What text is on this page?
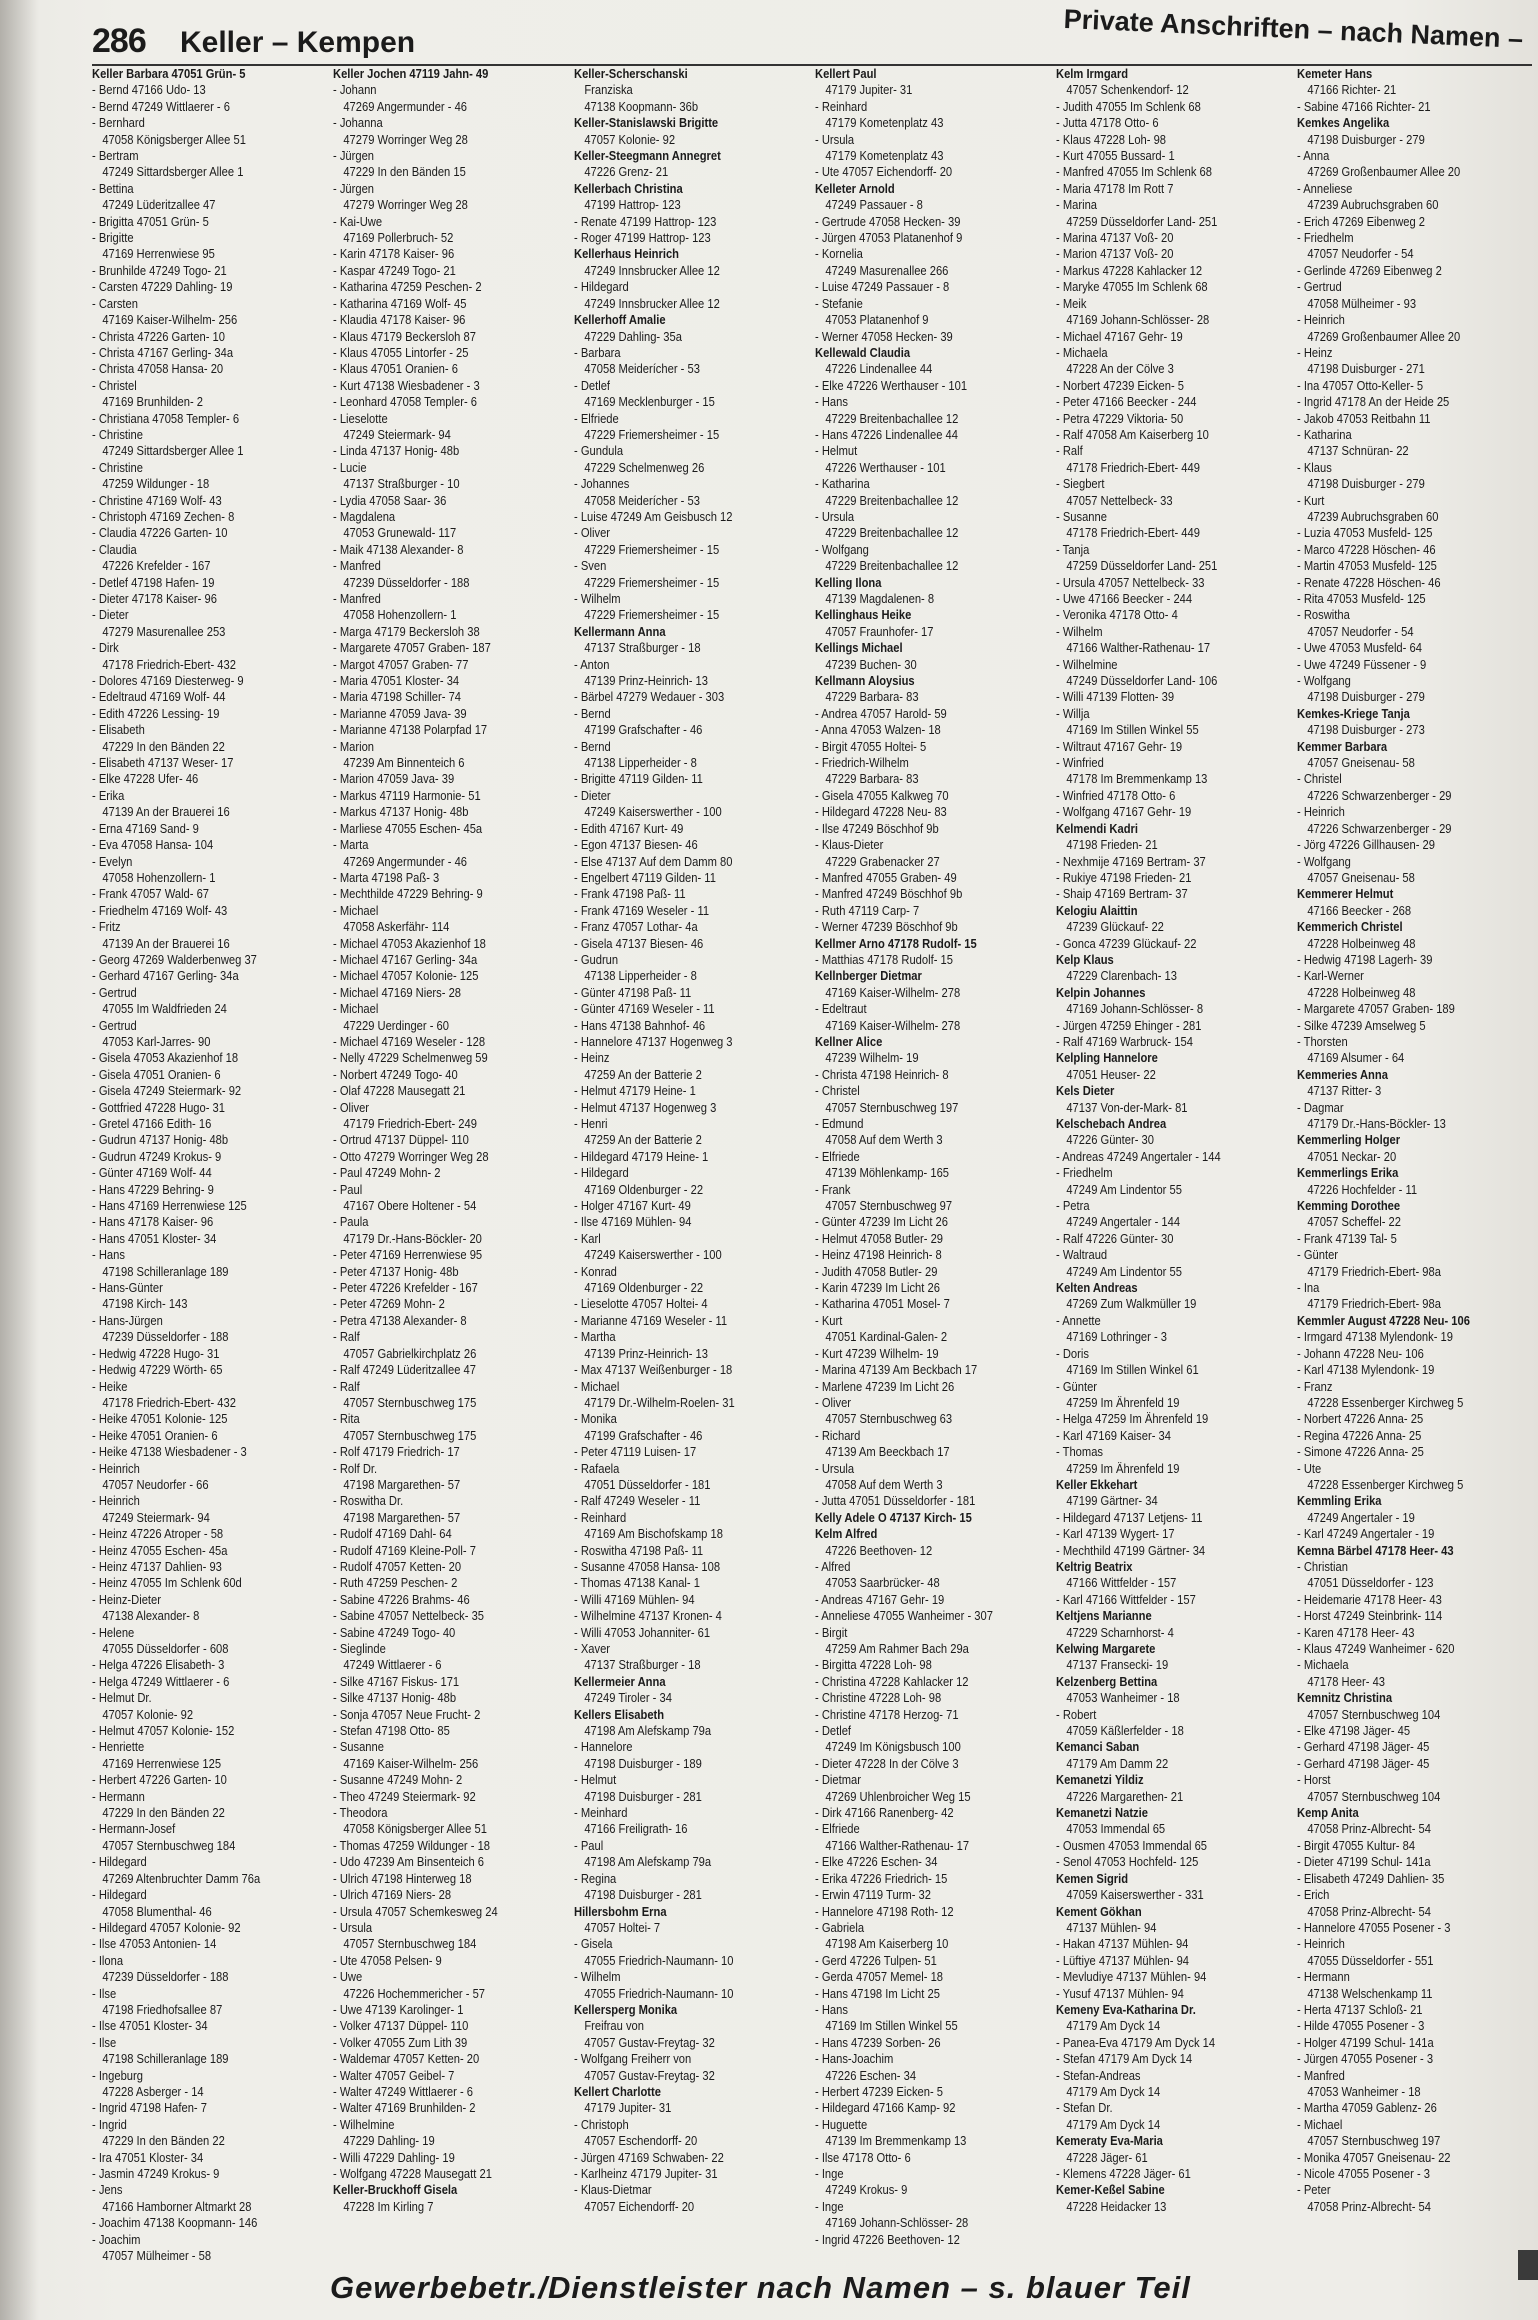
286 Keller – Kempen	Private Anschriften – nach Namen –
Keller Barbara 47051 Grün- 5
- Bernd 47166 Udo- 13
- Bernd 47249 Wittlaerer - 6
- Bernhard
47058 Königsberger Allee 51
- Bertram
47249 Sittardsberger Allee 1
- Bettina
47249 Lüderitzallee 47
- Brigitta 47051 Grün- 5
- Brigitte
47169 Herrenwiese 95
- Brunhilde 47249 Togo- 21
- Carsten 47229 Dahling- 19
- Carsten
47169 Kaiser-Wilhelm- 256
- Christa 47226 Garten- 10
- Christa 47167 Gerling- 34a
- Christa 47058 Hansa- 20
- Christel
47169 Brunhilden- 2
- Christiana 47058 Templer- 6
- Christine
47249 Sittardsberger Allee 1
- Christine
47259 Wildunger - 18
- Christine 47169 Wolf- 43
- Christoph 47169 Zechen- 8
- Claudia 47226 Garten- 10
- Claudia
47226 Krefelder - 167
- Detlef 47198 Hafen- 19
- Dieter 47178 Kaiser- 96
- Dieter
47279 Masurenallee 253
- Dirk
47178 Friedrich-Ebert- 432
- Dolores 47169 Diesterweg- 9
- Edeltraud 47169 Wolf- 44
- Edith 47226 Lessing- 19
- Elisabeth
47229 In den Bänden 22
- Elisabeth 47137 Weser- 17
- Elke 47228 Ufer- 46
- Erika
47139 An der Brauerei 16
- Erna 47169 Sand- 9
- Eva 47058 Hansa- 104
- Evelyn
47058 Hohenzollern- 1
- Frank 47057 Wald- 67
- Friedhelm 47169 Wolf- 43
- Fritz
47139 An der Brauerei 16
- Georg 47269 Walderbenweg 37
- Gerhard 47167 Gerling- 34a
- Gertrud
47055 Im Waldfrieden 24
- Gertrud
47053 Karl-Jarres- 90
- Gisela 47053 Akazienhof 18
- Gisela 47051 Oranien- 6
- Gisela 47249 Steiermark- 92
- Gottfried 47228 Hugo- 31
- Gretel 47166 Edith- 16
- Gudrun 47137 Honig- 48b
- Gudrun 47249 Krokus- 9
- Günter 47169 Wolf- 44
- Hans 47229 Behring- 9
- Hans 47169 Herrenwiese 125
- Hans 47178 Kaiser- 96
- Hans 47051 Kloster- 34
- Hans
47198 Schilleranlage 189
- Hans-Günter
47198 Kirch- 143
- Hans-Jürgen
47239 Düsseldorfer - 188
- Hedwig 47228 Hugo- 31
- Hedwig 47229 Wörth- 65
- Heike
47178 Friedrich-Ebert- 432
- Heike 47051 Kolonie- 125
- Heike 47051 Oranien- 6
- Heike 47138 Wiesbadener - 3
- Heinrich
47057 Neudorfer - 66
- Heinrich
47249 Steiermark- 94
- Heinz 47226 Atroper - 58
- Heinz 47055 Eschen- 45a
- Heinz 47137 Dahlien- 93
- Heinz 47055 Im Schlenk 60d
- Heinz-Dieter
47138 Alexander- 8
- Helene
47055 Düsseldorfer - 608
- Helga 47226 Elisabeth- 3
- Helga 47249 Wittlaerer - 6
- Helmut Dr.
47057 Kolonie- 92
- Helmut 47057 Kolonie- 152
- Henriette
47169 Herrenwiese 125
- Herbert 47226 Garten- 10
- Hermann
47229 In den Bänden 22
- Hermann-Josef
47057 Sternbuschweg 184
- Hildegard
47269 Altenbruchter Damm 76a
- Hildegard
47058 Blumenthal- 46
- Hildegard 47057 Kolonie- 92
- Ilse 47053 Antonien- 14
- Ilona
47239 Düsseldorfer - 188
- Ilse
47198 Friedhofsallee 87
- Ilse 47051 Kloster- 34
- Ilse
47198 Schilleranlage 189
- Ingeburg
47228 Asberger - 14
- Ingrid 47198 Hafen- 7
- Ingrid
47229 In den Bänden 22
- Ira 47051 Kloster- 34
- Jasmin 47249 Krokus- 9
- Jens
47166 Hamborner Altmarkt 28
- Joachim 47138 Koopmann- 146
- Joachim
47057 Mülheimer - 58
Keller Jochen 47119 Jahn- 49
- Johann
47269 Angermunder - 46
- Johanna
47279 Worringer Weg 28
- Jürgen
47229 In den Bänden 15
- Jürgen
47279 Worringer Weg 28
- Kai-Uwe
47169 Pollerbruch- 52
- Karin 47178 Kaiser- 96
- Kaspar 47249 Togo- 21
- Katharina 47259 Peschen- 2
- Katharina 47169 Wolf- 45
- Klaudia 47178 Kaiser- 96
- Klaus 47179 Beckersloh 87
- Klaus 47055 Lintorfer - 25
- Klaus 47051 Oranien- 6
- Kurt 47138 Wiesbadener - 3
- Leonhard 47058 Templer- 6
- Lieselotte
47249 Steiermark- 94
- Linda 47137 Honig- 48b
- Lucie
47137 Straßburger - 10
- Lydia 47058 Saar- 36
- Magdalena
47053 Grunewald- 117
- Maik 47138 Alexander- 8
- Manfred
47239 Düsseldorfer - 188
- Manfred
47058 Hohenzollern- 1
- Marga 47179 Beckersloh 38
- Margarete 47057 Graben- 187
- Margot 47057 Graben- 77
- Maria 47051 Kloster- 34
- Maria 47198 Schiller- 74
- Marianne 47059 Java- 39
- Marianne 47138 Polarpfad 17
- Marion
47239 Am Binnenteich 6
- Marion 47059 Java- 39
- Markus 47119 Harmonie- 51
- Markus 47137 Honig- 48b
- Marliese 47055 Eschen- 45a
- Marta
47269 Angermunder - 46
- Marta 47198 Paß- 3
- Mechthilde 47229 Behring- 9
- Michael
47058 Askerfähr- 114
- Michael 47053 Akazienhof 18
- Michael 47167 Gerling- 34a
- Michael 47057 Kolonie- 125
- Michael 47169 Niers- 28
- Michael
47229 Uerdinger - 60
- Michael 47169 Weseler - 128
- Nelly 47229 Schelmenweg 59
- Norbert 47249 Togo- 40
- Olaf 47228 Mausegatt 21
- Oliver
47179 Friedrich-Ebert- 249
- Ortrud 47137 Düppel- 110
- Otto 47279 Worringer Weg 28
- Paul 47249 Mohn- 2
- Paul
47167 Obere Holtener - 54
- Paula
47179 Dr.-Hans-Böckler- 20
- Peter 47169 Herrenwiese 95
- Peter 47137 Honig- 48b
- Peter 47226 Krefelder - 167
- Peter 47269 Mohn- 2
- Petra 47138 Alexander- 8
- Ralf
47057 Gabrielkirchplatz 26
- Ralf 47249 Lüderitzallee 47
- Ralf
47057 Sternbuschweg 175
- Rita
47057 Sternbuschweg 175
- Rolf 47179 Friedrich- 17
- Rolf Dr.
47198 Margarethen- 57
- Roswitha Dr.
47198 Margarethen- 57
- Rudolf 47169 Dahl- 64
- Rudolf 47169 Kleine-Poll- 7
- Rudolf 47057 Ketten- 20
- Ruth 47259 Peschen- 2
- Sabine 47226 Brahms- 46
- Sabine 47057 Nettelbeck- 35
- Sabine 47249 Togo- 40
- Sieglinde
47249 Wittlaerer - 6
- Silke 47167 Fiskus- 171
- Silke 47137 Honig- 48b
- Sonja 47057 Neue Frucht- 2
- Stefan 47198 Otto- 85
- Susanne
47169 Kaiser-Wilhelm- 256
- Susanne 47249 Mohn- 2
- Theo 47249 Steiermark- 92
- Theodora
47058 Königsberger Allee 51
- Thomas 47259 Wildunger - 18
- Udo 47239 Am Binsenteich 6
- Ulrich 47198 Hinterweg 18
- Ulrich 47169 Niers- 28
- Ursula 47057 Schemkesweg 24
- Ursula
47057 Sternbuschweg 184
- Ute 47058 Pelsen- 9
- Uwe
47226 Hochemmericher - 57
- Uwe 47139 Karolinger- 1
- Volker 47137 Düppel- 110
- Volker 47055 Zum Lith 39
- Waldemar 47057 Ketten- 20
- Walter 47057 Geibel- 7
- Walter 47249 Wittlaerer - 6
- Walter 47169 Brunhilden- 2
- Wilhelmine
47229 Dahling- 19
- Willi 47229 Dahling- 19
- Wolfgang 47228 Mausegatt 21
Keller-Bruckhoff Gisela
47228 Im Kirling 7
Keller-Scherschanski
Franziska
47138 Koopmann- 36b
Keller-Stanislawski Brigitte
47057 Kolonie- 92
Keller-Steegmann Annegret
47226 Grenz- 21
Kellerbach Christina
47199 Hattrop- 123
- Renate 47199 Hattrop- 123
- Roger 47199 Hattrop- 123
Kellerhaus Heinrich
47249 Innsbrucker Allee 12
- Hildegard
47249 Innsbrucker Allee 12
Kellerhoff Amalie
47229 Dahling- 35a
- Barbara
47058 Meiderícher - 53
- Detlef
47169 Mecklenburger - 15
- Elfriede
47229 Friemersheimer - 15
- Gundula
47229 Schelmenweg 26
- Johannes
47058 Meiderícher - 53
- Luise 47249 Am Geisbusch 12
- Oliver
47229 Friemersheimer - 15
- Sven
47229 Friemersheimer - 15
- Wilhelm
47229 Friemersheimer - 15
Kellermann Anna
47137 Straßburger - 18
- Anton
47139 Prinz-Heinrich- 13
- Bärbel 47279 Wedauer - 303
- Bernd
47199 Grafschafter - 46
- Bernd
47138 Lipperheider - 8
- Brigitte 47119 Gilden- 11
- Dieter
47249 Kaiserswerther - 100
- Edith 47167 Kurt- 49
- Egon 47137 Biesen- 46
- Else 47137 Auf dem Damm 80
- Engelbert 47119 Gilden- 11
- Frank 47198 Paß- 11
- Frank 47169 Weseler - 11
- Franz 47057 Lothar- 4a
- Gisela 47137 Biesen- 46
- Gudrun
47138 Lipperheider - 8
- Günter 47198 Paß- 11
- Günter 47169 Weseler - 11
- Hans 47138 Bahnhof- 46
- Hannelore 47137 Hogenweg 3
- Heinz
47259 An der Batterie 2
- Helmut 47179 Heine- 1
- Helmut 47137 Hogenweg 3
- Henri
47259 An der Batterie 2
- Hildegard 47179 Heine- 1
- Hildegard
47169 Oldenburger - 22
- Holger 47167 Kurt- 49
- Ilse 47169 Mühlen- 94
- Karl
47249 Kaiserswerther - 100
- Konrad
47169 Oldenburger - 22
- Lieselotte 47057 Holtei- 4
- Marianne 47169 Weseler - 11
- Martha
47139 Prinz-Heinrich- 13
- Max 47137 Weißenburger - 18
- Michael
47179 Dr.-Wilhelm-Roelen- 31
- Monika
47199 Grafschafter - 46
- Peter 47119 Luisen- 17
- Rafaela
47051 Düsseldorfer - 181
- Ralf 47249 Weseler - 11
- Reinhard
47169 Am Bischofskamp 18
- Roswitha 47198 Paß- 11
- Susanne 47058 Hansa- 108
- Thomas 47138 Kanal- 1
- Willi 47169 Mühlen- 94
- Wilhelmine 47137 Kronen- 4
- Willi 47053 Johanniter- 61
- Xaver
47137 Straßburger - 18
Kellermeier Anna
47249 Tiroler - 34
Kellers Elisabeth
47198 Am Alefskamp 79a
- Hannelore
47198 Duisburger - 189
- Helmut
47198 Duisburger - 281
- Meinhard
47166 Freiligrath- 16
- Paul
47198 Am Alefskamp 79a
- Regina
47198 Duisburger - 281
Hillersbohm Erna
47057 Holtei- 7
- Gisela
47055 Friedrich-Naumann- 10
- Wilhelm
47055 Friedrich-Naumann- 10
Kellersperg Monika
Freifrau von
47057 Gustav-Freytag- 32
- Wolfgang Freiherr von
47057 Gustav-Freytag- 32
Kellert Charlotte
47179 Jupiter- 31
- Christoph
47057 Eschendorff- 20
- Jürgen 47169 Schwaben- 22
- Karlheinz 47179 Jupiter- 31
- Klaus-Dietmar
47057 Eichendorff- 20
Kellert Paul
47179 Jupiter- 31
- Reinhard
47179 Kometenplatz 43
- Ursula
47179 Kometenplatz 43
- Ute 47057 Eichendorff- 20
Kelleter Arnold
47249 Passauer - 8
- Gertrude 47058 Hecken- 39
- Jürgen 47053 Platanenhof 9
- Kornelia
47249 Masurenallee 266
- Luise 47249 Passauer - 8
- Stefanie
47053 Platanenhof 9
- Werner 47058 Hecken- 39
Kellewald Claudia
47226 Lindenallee 44
- Elke 47226 Werthauser - 101
- Hans
47229 Breitenbachallee 12
- Hans 47226 Lindenallee 44
- Helmut
47226 Werthauser - 101
- Katharina
47229 Breitenbachallee 12
- Ursula
47229 Breitenbachallee 12
- Wolfgang
47229 Breitenbachallee 12
Kelling Ilona
47139 Magdalenen- 8
Kellinghaus Heike
47057 Fraunhofer- 17
Kellings Michael
47239 Buchen- 30
Kellmann Aloysius
47229 Barbara- 83
- Andrea 47057 Harold- 59
- Anna 47053 Walzen- 18
- Birgit 47055 Holtei- 5
- Friedrich-Wilhelm
47229 Barbara- 83
- Gisela 47055 Kalkweg 70
- Hildegard 47228 Neu- 83
- Ilse 47249 Böschhof 9b
- Klaus-Dieter
47229 Grabenacker 27
- Manfred 47055 Graben- 49
- Manfred 47249 Böschhof 9b
- Ruth 47119 Carp- 7
- Werner 47239 Böschhof 9b
Kellmer Arno 47178 Rudolf- 15
- Matthias 47178 Rudolf- 15
Kellnberger Dietmar
47169 Kaiser-Wilhelm- 278
- Edeltraut
47169 Kaiser-Wilhelm- 278
Kellner Alice
47239 Wilhelm- 19
- Christa 47198 Heinrich- 8
- Christel
47057 Sternbuschweg 197
- Edmund
47058 Auf dem Werth 3
- Elfriede
47139 Möhlenkamp- 165
- Frank
47057 Sternbuschweg 97
- Günter 47239 Im Licht 26
- Helmut 47058 Butler- 29
- Heinz 47198 Heinrich- 8
- Judith 47058 Butler- 29
- Karin 47239 Im Licht 26
- Katharina 47051 Mosel- 7
- Kurt
47051 Kardinal-Galen- 2
- Kurt 47239 Wilhelm- 19
- Marina 47139 Am Beckbach 17
- Marlene 47239 Im Licht 26
- Oliver
47057 Sternbuschweg 63
- Richard
47139 Am Beeckbach 17
- Ursula
47058 Auf dem Werth 3
- Jutta 47051 Düsseldorfer - 181
Kelly Adele O 47137 Kirch- 15
Kelm Alfred
47226 Beethoven- 12
- Alfred
47053 Saarbrücker- 48
- Andreas 47167 Gehr- 19
- Anneliese 47055 Wanheimer - 307
- Birgit
47259 Am Rahmer Bach 29a
- Birgitta 47228 Loh- 98
- Christina 47228 Kahlacker 12
- Christine 47228 Loh- 98
- Christine 47178 Herzog- 71
- Detlef
47249 Im Königsbusch 100
- Dieter 47228 In der Cölve 3
- Dietmar
47269 Uhlenbroicher Weg 15
- Dirk 47166 Ranenberg- 42
- Elfriede
47166 Walther-Rathenau- 17
- Elke 47226 Eschen- 34
- Erika 47226 Friedrich- 15
- Erwin 47119 Turm- 32
- Hannelore 47198 Roth- 12
- Gabriela
47198 Am Kaiserberg 10
- Gerd 47226 Tulpen- 51
- Gerda 47057 Memel- 18
- Hans 47198 Im Licht 25
- Hans
47169 Im Stillen Winkel 55
- Hans 47239 Sorben- 26
- Hans-Joachim
47226 Eschen- 34
- Herbert 47239 Eicken- 5
- Hildegard 47166 Kamp- 92
- Huguette
47139 Im Bremmenkamp 13
- Ilse 47178 Otto- 6
- Inge
47249 Krokus- 9
- Inge
47169 Johann-Schlösser- 28
- Ingrid 47226 Beethoven- 12
Kelm Irmgard
47057 Schenkendorf- 12
- Judith 47055 Im Schlenk 68
- Jutta 47178 Otto- 6
- Klaus 47228 Loh- 98
- Kurt 47055 Bussard- 1
- Manfred 47055 Im Schlenk 68
- Maria 47178 Im Rott 7
- Marina
47259 Düsseldorfer Land- 251
- Marina 47137 Voß- 20
- Marion 47137 Voß- 20
- Markus 47228 Kahlacker 12
- Maryke 47055 Im Schlenk 68
- Meik
47169 Johann-Schlösser- 28
- Michael 47167 Gehr- 19
- Michaela
47228 An der Cölve 3
- Norbert 47239 Eicken- 5
- Peter 47166 Beecker - 244
- Petra 47229 Viktoria- 50
- Ralf 47058 Am Kaiserberg 10
- Ralf
47178 Friedrich-Ebert- 449
- Siegbert
47057 Nettelbeck- 33
- Susanne
47178 Friedrich-Ebert- 449
- Tanja
47259 Düsseldorfer Land- 251
- Ursula 47057 Nettelbeck- 33
- Uwe 47166 Beecker - 244
- Veronika 47178 Otto- 4
- Wilhelm
47166 Walther-Rathenau- 17
- Wilhelmine
47249 Düsseldorfer Land- 106
- Willi 47139 Flotten- 39
- Willja
47169 Im Stillen Winkel 55
- Wiltraut 47167 Gehr- 19
- Winfried
47178 Im Bremmenkamp 13
- Winfried 47178 Otto- 6
- Wolfgang 47167 Gehr- 19
Kelmendi Kadri
47198 Frieden- 21
- Nexhmije 47169 Bertram- 37
- Rukiye 47198 Frieden- 21
- Shaip 47169 Bertram- 37
Kelogiu Alaittin
47239 Glückauf- 22
- Gonca 47239 Glückauf- 22
Kelp Klaus
47229 Clarenbach- 13
Kelpin Johannes
47169 Johann-Schlösser- 8
- Jürgen 47259 Ehinger - 281
- Ralf 47169 Warbruck- 154
Kelpling Hannelore
47051 Heuser- 22
Kels Dieter
47137 Von-der-Mark- 81
Kelschebach Andrea
47226 Günter- 30
- Andreas 47249 Angertaler - 144
- Friedhelm
47249 Am Lindentor 55
- Petra
47249 Angertaler - 144
- Ralf 47226 Günter- 30
- Waltraud
47249 Am Lindentor 55
Kelten Andreas
47269 Zum Walkmüller 19
- Annette
47169 Lothringer - 3
- Doris
47169 Im Stillen Winkel 61
- Günter
47259 Im Ährenfeld 19
- Helga 47259 Im Ährenfeld 19
- Karl 47169 Kaiser- 34
- Thomas
47259 Im Ährenfeld 19
Keller Ekkehart
47199 Gärtner- 34
- Hildegard 47137 Letjens- 11
- Karl 47139 Wygert- 17
- Mechthild 47199 Gärtner- 34
Keltrig Beatrix
47166 Wittfelder - 157
- Karl 47166 Wittfelder - 157
Keltjens Marianne
47229 Scharnhorst- 4
Kelwing Margarete
47137 Fransecki- 19
Kelzenberg Bettina
47053 Wanheimer - 18
- Robert
47059 Käßlerfelder - 18
Kemanci Saban
47179 Am Damm 22
Kemanetzi Yildiz
47226 Margarethen- 21
Kemanetzi Natzie
47053 Immendal 65
- Ousmen 47053 Immendal 65
- Senol 47053 Hochfeld- 125
Kemen Sigrid
47059 Kaiserswerther - 331
Kement Gökhan
47137 Mühlen- 94
- Hakan 47137 Mühlen- 94
- Lüftiye 47137 Mühlen- 94
- Mevludiye 47137 Mühlen- 94
- Yusuf 47137 Mühlen- 94
Kemeny Eva-Katharina Dr.
47179 Am Dyck 14
- Panea-Eva 47179 Am Dyck 14
- Stefan 47179 Am Dyck 14
- Stefan-Andreas
47179 Am Dyck 14
- Stefan Dr.
47179 Am Dyck 14
Kemeraty Eva-Maria
47228 Jäger- 61
- Klemens 47228 Jäger- 61
Kemer-Keßel Sabine
47228 Heidacker 13
Kemeter Hans
47166 Richter- 21
- Sabine 47166 Richter- 21
Kemkes Angelika
47198 Duisburger - 279
- Anna
47269 Großenbaumer Allee 20
- Anneliese
47239 Aubruchsgraben 60
- Erich 47269 Eibenweg 2
- Friedhelm
47057 Neudorfer - 54
- Gerlinde 47269 Eibenweg 2
- Gertrud
47058 Mülheimer - 93
- Heinrich
47269 Großenbaumer Allee 20
- Heinz
47198 Duisburger - 271
- Ina 47057 Otto-Keller- 5
- Ingrid 47178 An der Heide 25
- Jakob 47053 Reitbahn 11
- Katharina
47137 Schnüran- 22
- Klaus
47198 Duisburger - 279
- Kurt
47239 Aubruchsgraben 60
- Luzia 47053 Musfeld- 125
- Marco 47228 Höschen- 46
- Martin 47053 Musfeld- 125
- Renate 47228 Höschen- 46
- Rita 47053 Musfeld- 125
- Roswitha
47057 Neudorfer - 54
- Uwe 47053 Musfeld- 64
- Uwe 47249 Füssener - 9
- Wolfgang
47198 Duisburger - 279
Kemkes-Kriege Tanja
47198 Duisburger - 273
Kemmer Barbara
47057 Gneisenau- 58
- Christel
47226 Schwarzenberger - 29
- Heinrich
47226 Schwarzenberger - 29
- Jörg 47226 Gillhausen- 29
- Wolfgang
47057 Gneisenau- 58
Kemmerer Helmut
47166 Beecker - 268
Kemmerich Christel
47228 Holbeinweg 48
- Hedwig 47198 Lagerh- 39
- Karl-Werner
47228 Holbeinweg 48
- Margarete 47057 Graben- 189
- Silke 47239 Amselweg 5
- Thorsten
47169 Alsumer - 64
Kemmeries Anna
47137 Ritter- 3
- Dagmar
47179 Dr.-Hans-Böckler- 13
Kemmerling Holger
47051 Neckar- 20
Kemmerlings Erika
47226 Hochfelder - 11
Kemming Dorothee
47057 Scheffel- 22
- Frank 47139 Tal- 5
- Günter
47179 Friedrich-Ebert- 98a
- Ina
47179 Friedrich-Ebert- 98a
Kemmler August 47228 Neu- 106
- Irmgard 47138 Mylendonk- 19
- Johann 47228 Neu- 106
- Karl 47138 Mylendonk- 19
- Franz
47228 Essenberger Kirchweg 5
- Norbert 47226 Anna- 25
- Regina 47226 Anna- 25
- Simone 47226 Anna- 25
- Ute
47228 Essenberger Kirchweg 5
Kemmling Erika
47249 Angertaler - 19
- Karl 47249 Angertaler - 19
Kemna Bärbel 47178 Heer- 43
- Christian
47051 Düsseldorfer - 123
- Heidemarie 47178 Heer- 43
- Horst 47249 Steinbrink- 114
- Karen 47178 Heer- 43
- Klaus 47249 Wanheimer - 620
- Michaela
47178 Heer- 43
Kemnitz Christina
47057 Sternbuschweg 104
- Elke 47198 Jäger- 45
- Gerhard 47198 Jäger- 45
- Gerhard 47198 Jäger- 45
- Horst
47057 Sternbuschweg 104
Kemp Anita
47058 Prinz-Albrecht- 54
- Birgit 47055 Kultur- 84
- Dieter 47199 Schul- 141a
- Elisabeth 47249 Dahlien- 35
- Erich
47058 Prinz-Albrecht- 54
- Hannelore 47055 Posener - 3
- Heinrich
47055 Düsseldorfer - 551
- Hermann
47138 Welschenkamp 11
- Herta 47137 Schloß- 21
- Hilde 47055 Posener - 3
- Holger 47199 Schul- 141a
- Jürgen 47055 Posener - 3
- Manfred
47053 Wanheimer - 18
- Martha 47059 Gablenz- 26
- Michael
47057 Sternbuschweg 197
- Monika 47057 Gneisenau- 22
- Nicole 47055 Posener - 3
- Peter
47058 Prinz-Albrecht- 54
Gewerbebetr./Dienstleister nach Namen – s. blauer Teil
